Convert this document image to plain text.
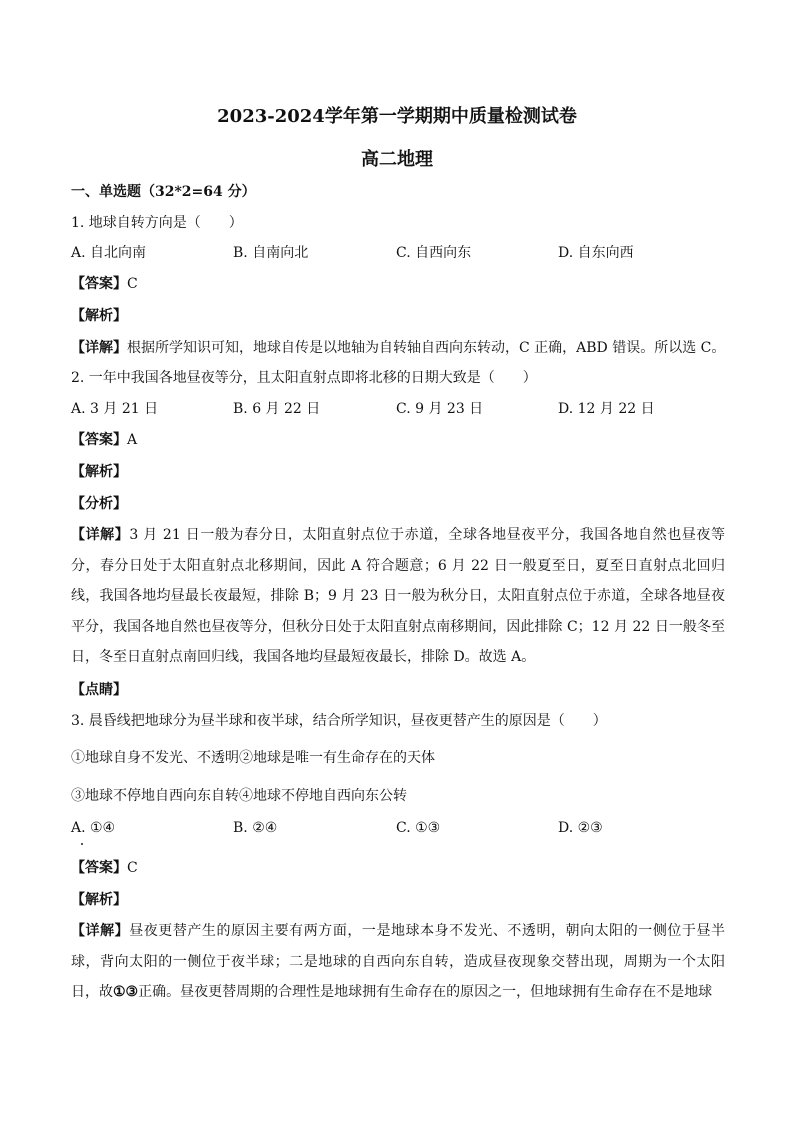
2023-2024学年第一学期期中质量检测试卷
高二地理
一、单选题（32*2=64 分）
1. 地球自转方向是（　　）
A. 自北向南	B. 自南向北	C. 自西向东	D. 自东向西
【答案】C
【解析】
【详解】根据所学知识可知，地球自传是以地轴为自转轴自西向东转动，C 正确，ABD 错误。所以选 C。
2. 一年中我国各地昼夜等分，且太阳直射点即将北移的日期大致是（　　）
A. 3 月 21 日	B. 6 月 22 日	C. 9 月 23 日	D. 12 月 22 日
【答案】A
【解析】
【分析】
【详解】3 月 21 日一般为春分日，太阳直射点位于赤道，全球各地昼夜平分，我国各地自然也昼夜等分，春分日处于太阳直射点北移期间，因此 A 符合题意；6 月 22 日一般夏至日，夏至日直射点北回归线，我国各地均昼最长夜最短，排除 B；9 月 23 日一般为秋分日，太阳直射点位于赤道，全球各地昼夜平分，我国各地自然也昼夜等分，但秋分日处于太阳直射点南移期间，因此排除 C；12 月 22 日一般冬至日，冬至日直射点南回归线，我国各地均昼最短夜最长，排除 D。故选 A。
【点睛】
3. 晨昏线把地球分为昼半球和夜半球，结合所学知识，昼夜更替产生的原因是（　　）
①地球自身不发光、不透明②地球是唯一有生命存在的天体
③地球不停地自西向东自转④地球不停地自西向东公转
A. ①④	B. ②④	C. ①③	D. ②③
【答案】C
【解析】
【详解】昼夜更替产生的原因主要有两方面，一是地球本身不发光、不透明，朝向太阳的一侧位于昼半球，背向太阳的一侧位于夜半球；二是地球的自西向东自转，造成昼夜现象交替出现，周期为一个太阳日，故①③正确。昼夜更替周期的合理性是地球拥有生命存在的原因之一，但地球拥有生命存在不是地球
